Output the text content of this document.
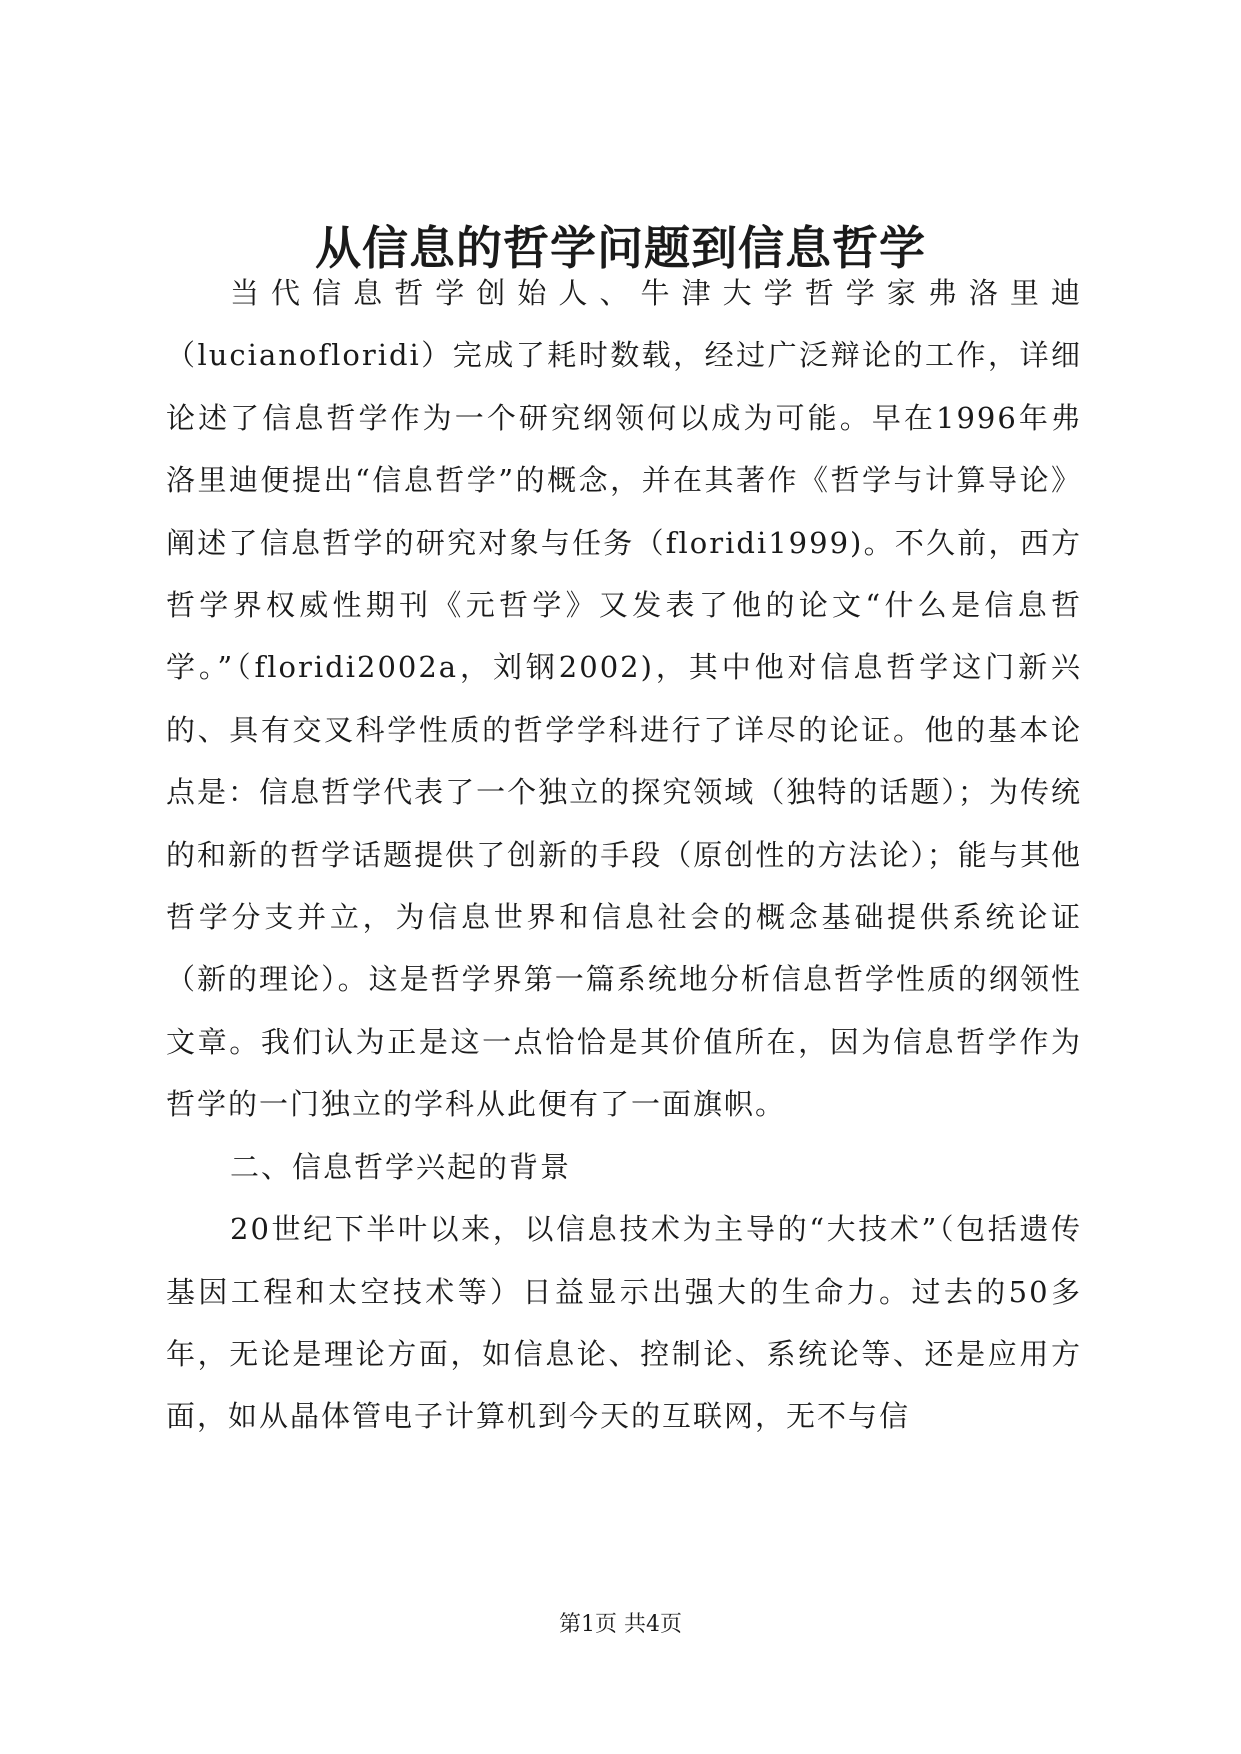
从信息的哲学问题到信息哲学

当代信息哲学创始人、牛津大学哲学家弗洛里迪（lucianofloridi）完成了耗时数载，经过广泛辩论的工作，详细论述了信息哲学作为一个研究纲领何以成为可能。早在1996年弗洛里迪便提出“信息哲学”的概念，并在其著作《哲学与计算导论》阐述了信息哲学的研究对象与任务（floridi1999)。不久前，西方哲学界权威性期刊《元哲学》又发表了他的论文“什么是信息哲学。”（floridi2002a，刘钢2002)，其中他对信息哲学这门新兴的、具有交叉科学性质的哲学学科进行了详尽的论证。他的基本论点是：信息哲学代表了一个独立的探究领域（独特的话题）；为传统的和新的哲学话题提供了创新的手段（原创性的方法论）；能与其他哲学分支并立，为信息世界和信息社会的概念基础提供系统论证（新的理论）。这是哲学界第一篇系统地分析信息哲学性质的纲领性文章。我们认为正是这一点恰恰是其价值所在，因为信息哲学作为哲学的一门独立的学科从此便有了一面旗帜。

二、信息哲学兴起的背景

20世纪下半叶以来，以信息技术为主导的“大技术”（包括遗传基因工程和太空技术等）日益显示出强大的生命力。过去的50多年，无论是理论方面，如信息论、控制论、系统论等、还是应用方面，如从晶体管电子计算机到今天的互联网，无不与信

第1页 共4页
